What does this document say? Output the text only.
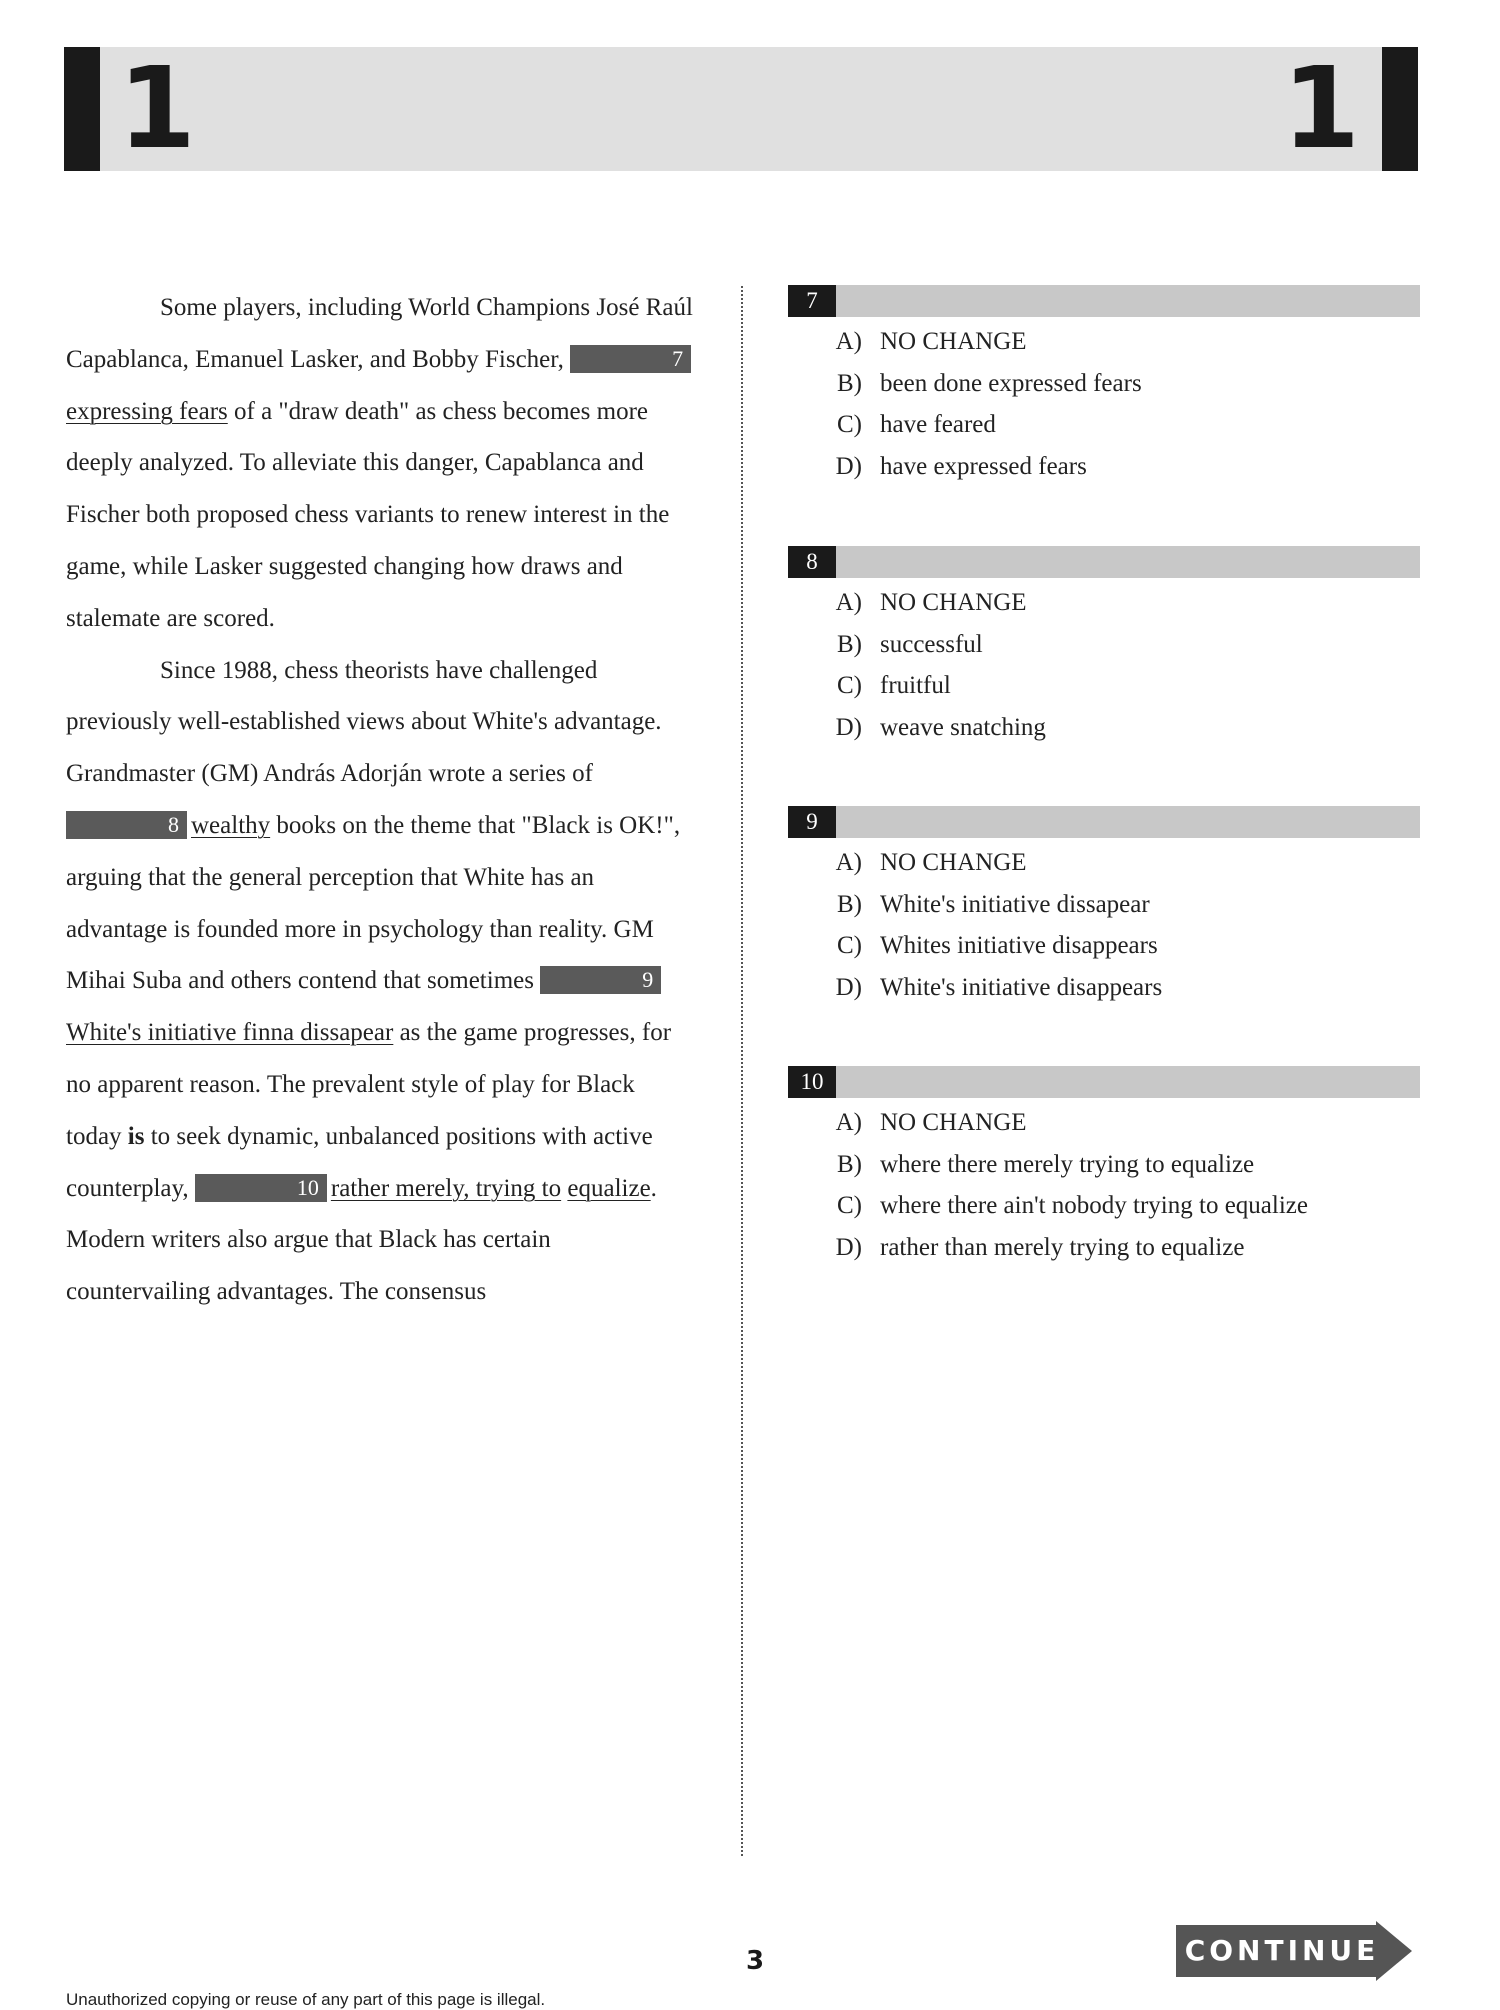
1	1

Some players, including World Champions José Raúl Capablanca, Emanuel Lasker, and Bobby Fischer,	7expressing fears of a "draw death" as chess becomes more deeply analyzed. To alleviate this danger, Capablanca and Fischer both proposed chess variants to renew interest in the game, while Lasker suggested changing how draws and stalemate are scored.

Since 1988, chess theorists have challenged previously well-established views about White's advantage. Grandmaster (GM) András Adorján wrote a series of 8 wealthy books on the theme that "Black is OK!", arguing that the general perception that White has an advantage is founded more in psychology than reality. GM Mihai Suba and others contend that sometimes	9White's initiative finna dissapear as the game progresses, for no apparent reason. The prevalent style of play for Black today is to seek dynamic, unbalanced positions with active counterplay,	10 rather merely, trying to equalize. Modern writers also argue that Black has certain countervailing advantages. The consensus

7
A) NO CHANGE
B) been done expressed fears
C) have feared
D) have expressed fears
8
A) NO CHANGE
B) successful
C) fruitful
D) weave snatching
9
A) NO CHANGE
B) White's initiative dissapear
C) Whites initiative disappears
D) White's initiative disappears
10
A) NO CHANGE
B) where there merely trying to equalize
C) where there ain't nobody trying to equalize
D) rather than merely trying to equalize
3	CONTINUE
Unauthorized copying or reuse of any part of this page is illegal.
